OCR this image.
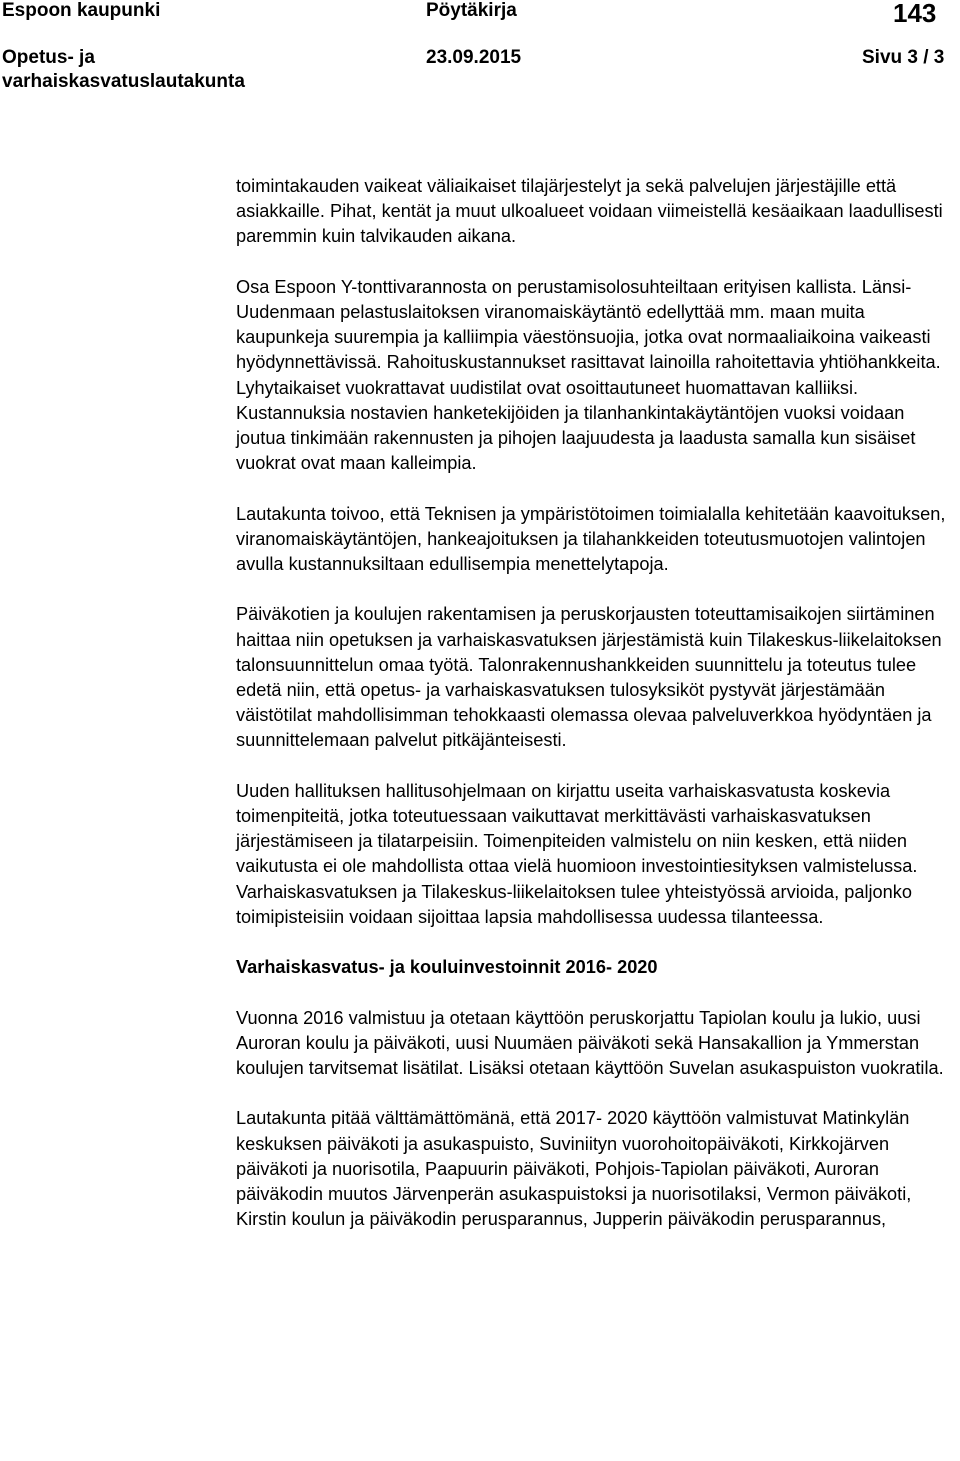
Espoon kaupunki	Pöytäkirja	143
Opetus- ja
varhaiskasvatuslautakunta
23.09.2015	Sivu 3 / 3

toimintakauden vaikeat väliaikaiset tilajärjestelyt ja sekä palvelujen järjestäjille että asiakkaille. Pihat, kentät ja muut ulkoalueet voidaan viimeistellä kesäaikaan laadullisesti paremmin kuin talvikauden aikana.

Osa Espoon Y-tonttivarannosta on perustamisolosuhteiltaan erityisen kallista. Länsi-Uudenmaan pelastuslaitoksen viranomaiskäytäntö edellyttää mm. maan muita kaupunkeja suurempia ja kalliimpia väestönsuojia, jotka ovat normaaliaikoina vaikeasti hyödynnettävissä. Rahoituskustannukset rasittavat lainoilla rahoitettavia yhtiöhankkeita. Lyhytaikaiset vuokrattavat uudistilat ovat osoittautuneet huomattavan kalliiksi. Kustannuksia nostavien hanketekijöiden ja tilanhankintakäytäntöjen vuoksi voidaan joutua tinkimään rakennusten ja pihojen laajuudesta ja laadusta samalla kun sisäiset vuokrat ovat maan kalleimpia.

Lautakunta toivoo, että Teknisen ja ympäristötoimen toimialalla kehitetään kaavoituksen, viranomaiskäytäntöjen, hankeajoituksen ja tilahankkeiden toteutusmuotojen valintojen avulla kustannuksiltaan edullisempia menettelytapoja.

Päiväkotien ja koulujen rakentamisen ja peruskorjausten toteuttamisaikojen siirtäminen haittaa niin opetuksen ja varhaiskasvatuksen järjestämistä kuin Tilakeskus-liikelaitoksen talonsuunnittelun omaa työtä. Talonrakennushankkeiden suunnittelu ja toteutus tulee edetä niin, että opetus- ja varhaiskasvatuksen tulosyksiköt pystyvät järjestämään väistötilat mahdollisimman tehokkaasti olemassa olevaa palveluverkkoa hyödyntäen ja suunnittelemaan palvelut pitkäjänteisesti.

Uuden hallituksen hallitusohjelmaan on kirjattu useita varhaiskasvatusta koskevia toimenpiteitä, jotka toteutuessaan vaikuttavat merkittävästi varhaiskasvatuksen järjestämiseen ja tilatarpeisiin. Toimenpiteiden valmistelu on niin kesken, että niiden vaikutusta ei ole mahdollista ottaa vielä huomioon investointiesityksen valmistelussa. Varhaiskasvatuksen ja Tilakeskus-liikelaitoksen tulee yhteistyössä arvioida, paljonko toimipisteisiin voidaan sijoittaa lapsia mahdollisessa uudessa tilanteessa.

Varhaiskasvatus- ja kouluinvestoinnit 2016- 2020

Vuonna 2016 valmistuu ja otetaan käyttöön peruskorjattu Tapiolan koulu ja lukio, uusi Auroran koulu ja päiväkoti, uusi Nuumäen päiväkoti sekä Hansakallion ja Ymmerstan koulujen tarvitsemat lisätilat. Lisäksi otetaan käyttöön Suvelan asukaspuiston vuokratila.

Lautakunta pitää välttämättömänä, että 2017- 2020 käyttöön valmistuvat Matinkylän keskuksen päiväkoti ja asukaspuisto, Suviniityn vuorohoitopäiväkoti, Kirkkojärven päiväkoti ja nuorisotila, Paapuurin päiväkoti, Pohjois-Tapiolan päiväkoti, Auroran päiväkodin muutos Järvenperän asukaspuistoksi ja nuorisotilaksi, Vermon päiväkoti, Kirstin koulun ja päiväkodin perusparannus, Jupperin päiväkodin perusparannus,
